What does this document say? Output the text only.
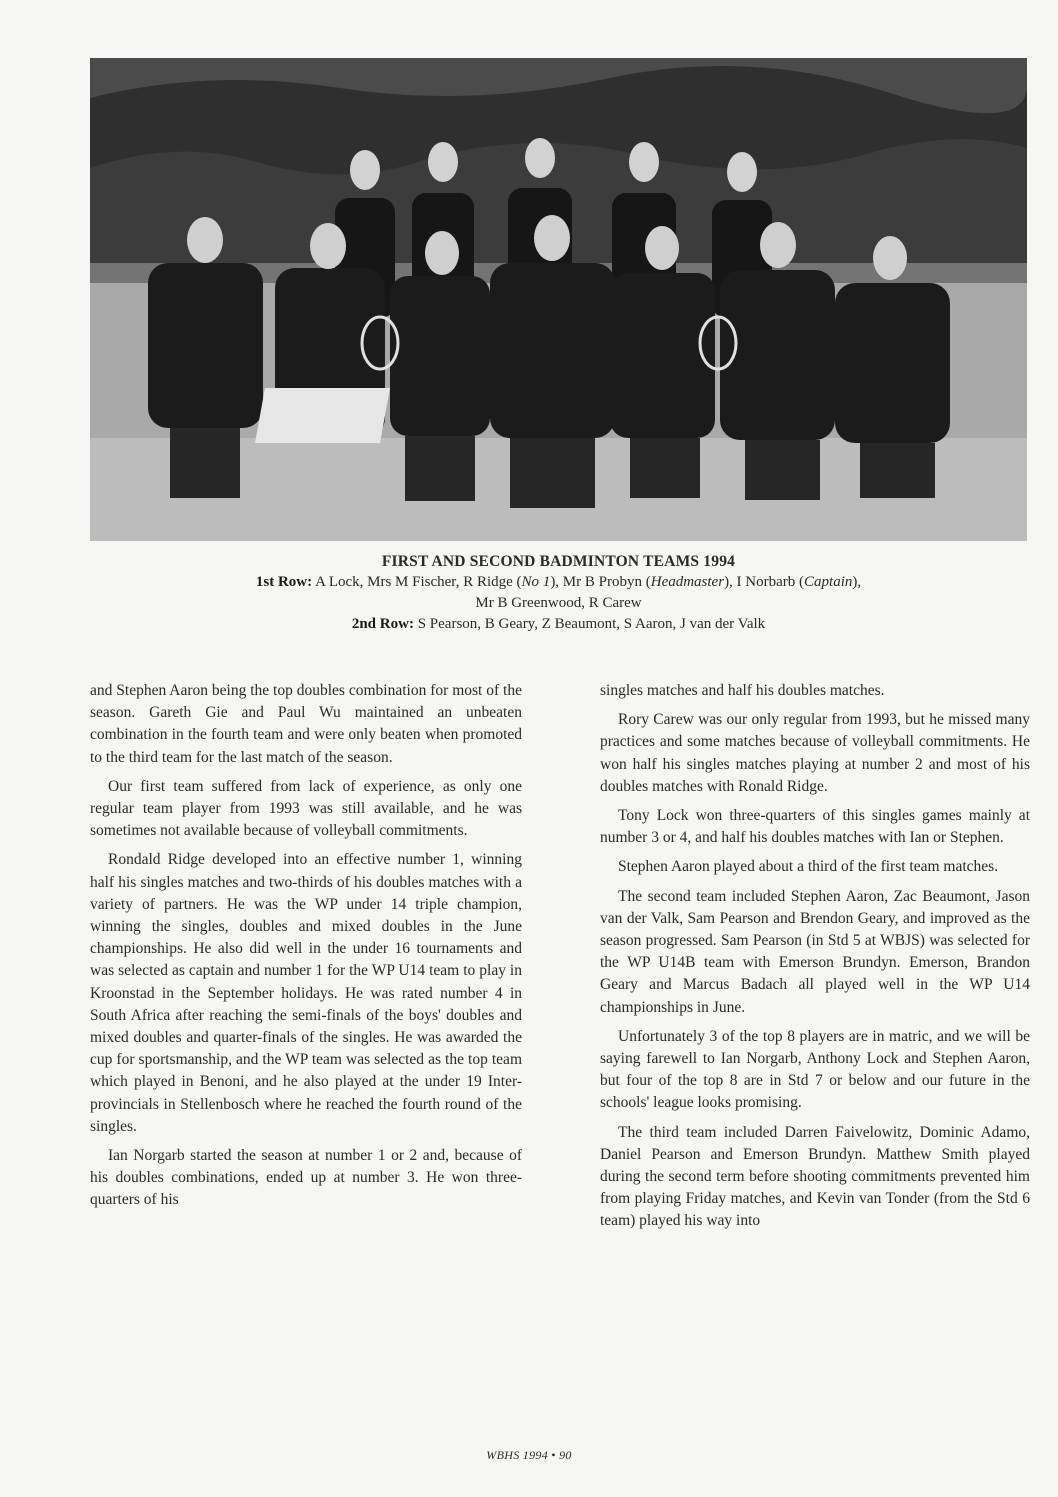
FIRST AND SECOND BADMINTON TEAMS 1994
1st Row: A Lock, Mrs M Fischer, R Ridge (No 1), Mr B Probyn (Headmaster), I Norbarb (Captain),
Mr B Greenwood, R Carew
2nd Row: S Pearson, B Geary, Z Beaumont, S Aaron, J van der Valk

and Stephen Aaron being the top doubles combination for most of the season. Gareth Gie and Paul Wu maintained an unbeaten combination in the fourth team and were only beaten when promoted to the third team for the last match of the season.

Our first team suffered from lack of experience, as only one regular team player from 1993 was still available, and he was sometimes not available because of volleyball commitments.

Rondald Ridge developed into an effective number 1, winning half his singles matches and two-thirds of his doubles matches with a variety of partners. He was the WP under 14 triple champion, winning the singles, doubles and mixed doubles in the June championships. He also did well in the under 16 tournaments and was selected as captain and number 1 for the WP U14 team to play in Kroonstad in the September holidays. He was rated number 4 in South Africa after reaching the semi-finals of the boys' doubles and mixed doubles and quarter-finals of the singles. He was awarded the cup for sportsmanship, and the WP team was selected as the top team which played in Benoni, and he also played at the under 19 Inter-provincials in Stellenbosch where he reached the fourth round of the singles.

Ian Norgarb started the season at number 1 or 2 and, because of his doubles combinations, ended up at number 3. He won three-quarters of his

singles matches and half his doubles matches.

Rory Carew was our only regular from 1993, but he missed many practices and some matches because of volleyball commitments. He won half his singles matches playing at number 2 and most of his doubles matches with Ronald Ridge.

Tony Lock won three-quarters of this singles games mainly at number 3 or 4, and half his doubles matches with Ian or Stephen.

Stephen Aaron played about a third of the first team matches.

The second team included Stephen Aaron, Zac Beaumont, Jason van der Valk, Sam Pearson and Brendon Geary, and improved as the season progressed. Sam Pearson (in Std 5 at WBJS) was selected for the WP U14B team with Emerson Brundyn. Emerson, Brandon Geary and Marcus Badach all played well in the WP U14 championships in June.

Unfortunately 3 of the top 8 players are in matric, and we will be saying farewell to Ian Norgarb, Anthony Lock and Stephen Aaron, but four of the top 8 are in Std 7 or below and our future in the schools' league looks promising.

The third team included Darren Faivelowitz, Dominic Adamo, Daniel Pearson and Emerson Brundyn. Matthew Smith played during the second term before shooting commitments prevented him from playing Friday matches, and Kevin van Tonder (from the Std 6 team) played his way into

WBHS 1994 • 90
